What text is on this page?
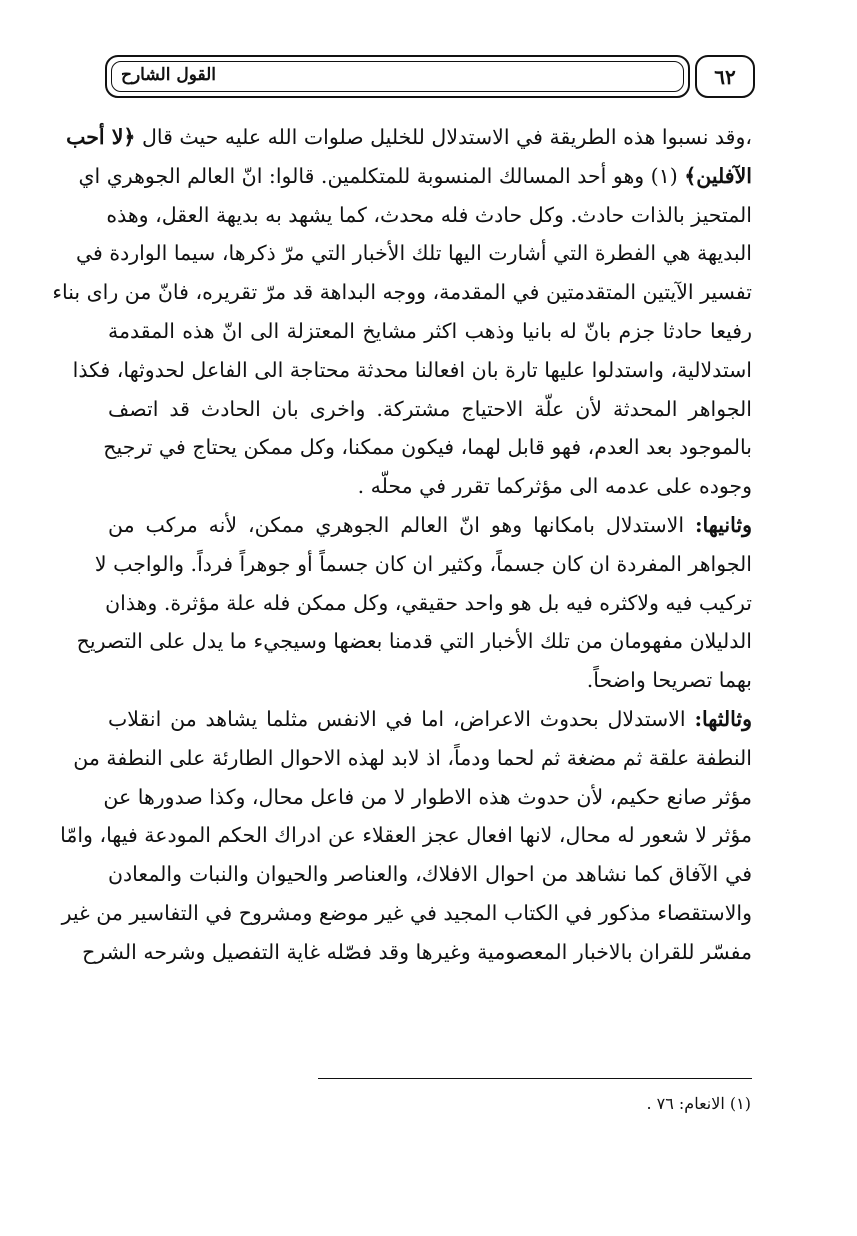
القول الشارح	٦٢
،وقد نسبوا هذه الطريقة في الاستدلال للخليل صلوات الله عليه حيث قال ﴿لا أحب
الآفلين﴾ (١) وهو أحد المسالك المنسوبة للمتكلمين. قالوا: انّ العالم الجوهري اي
المتحيز بالذات حادث. وكل حادث فله محدث، كما يشهد به بديهة العقل، وهذه
البديهة هي الفطرة التي أشارت اليها تلك الأخبار التي مرّ ذكرها، سيما الواردة في
تفسير الآيتين المتقدمتين في المقدمة، ووجه البداهة قد مرّ تقريره، فانّ من راى بناء
رفيعا حادثا جزم بانّ له بانيا وذهب اكثر مشايخ المعتزلة الى انّ هذه المقدمة
استدلالية، واستدلوا عليها تارة بان افعالنا محدثة محتاجة الى الفاعل لحدوثها، فكذا
الجواهر المحدثة لأن علّة الاحتياج مشتركة. واخرى بان الحادث قد اتصف
بالموجود بعد العدم، فهو قابل لهما، فيكون ممكنا، وكل ممكن يحتاج في ترجيح
وجوده على عدمه الى مؤثركما تقرر في محلّه .
وثانيها: الاستدلال بامكانها وهو انّ العالم الجوهري ممكن، لأنه مركب من
الجواهر المفردة ان كان جسماً، وكثير ان كان جسماً أو جوهراً فرداً. والواجب لا
تركيب فيه ولاكثره فيه بل هو واحد حقيقي، وكل ممكن فله علة مؤثرة. وهذان
الدليلان مفهومان من تلك الأخبار التي قدمنا بعضها وسيجيء ما يدل على التصريح
بهما تصريحا واضحاً.
وثالثها: الاستدلال بحدوث الاعراض، اما في الانفس مثلما يشاهد من انقلاب
النطفة علقة ثم مضغة ثم لحما ودماً، اذ لابد لهذه الاحوال الطارئة على النطفة من
مؤثر صانع حكيم، لأن حدوث هذه الاطوار لا من فاعل محال، وكذا صدورها عن
مؤثر لا شعور له محال، لانها افعال عجز العقلاء عن ادراك الحكم المودعة فيها، وامّا
في الآفاق كما نشاهد من احوال الافلاك، والعناصر والحيوان والنبات والمعادن
والاستقصاء مذكور في الكتاب المجيد في غير موضع ومشروح في التفاسير من غير
مفسّر للقران بالاخبار المعصومية وغيرها وقد فصّله غاية التفصيل وشرحه الشرح
(١) الانعام: ٧٦ .
